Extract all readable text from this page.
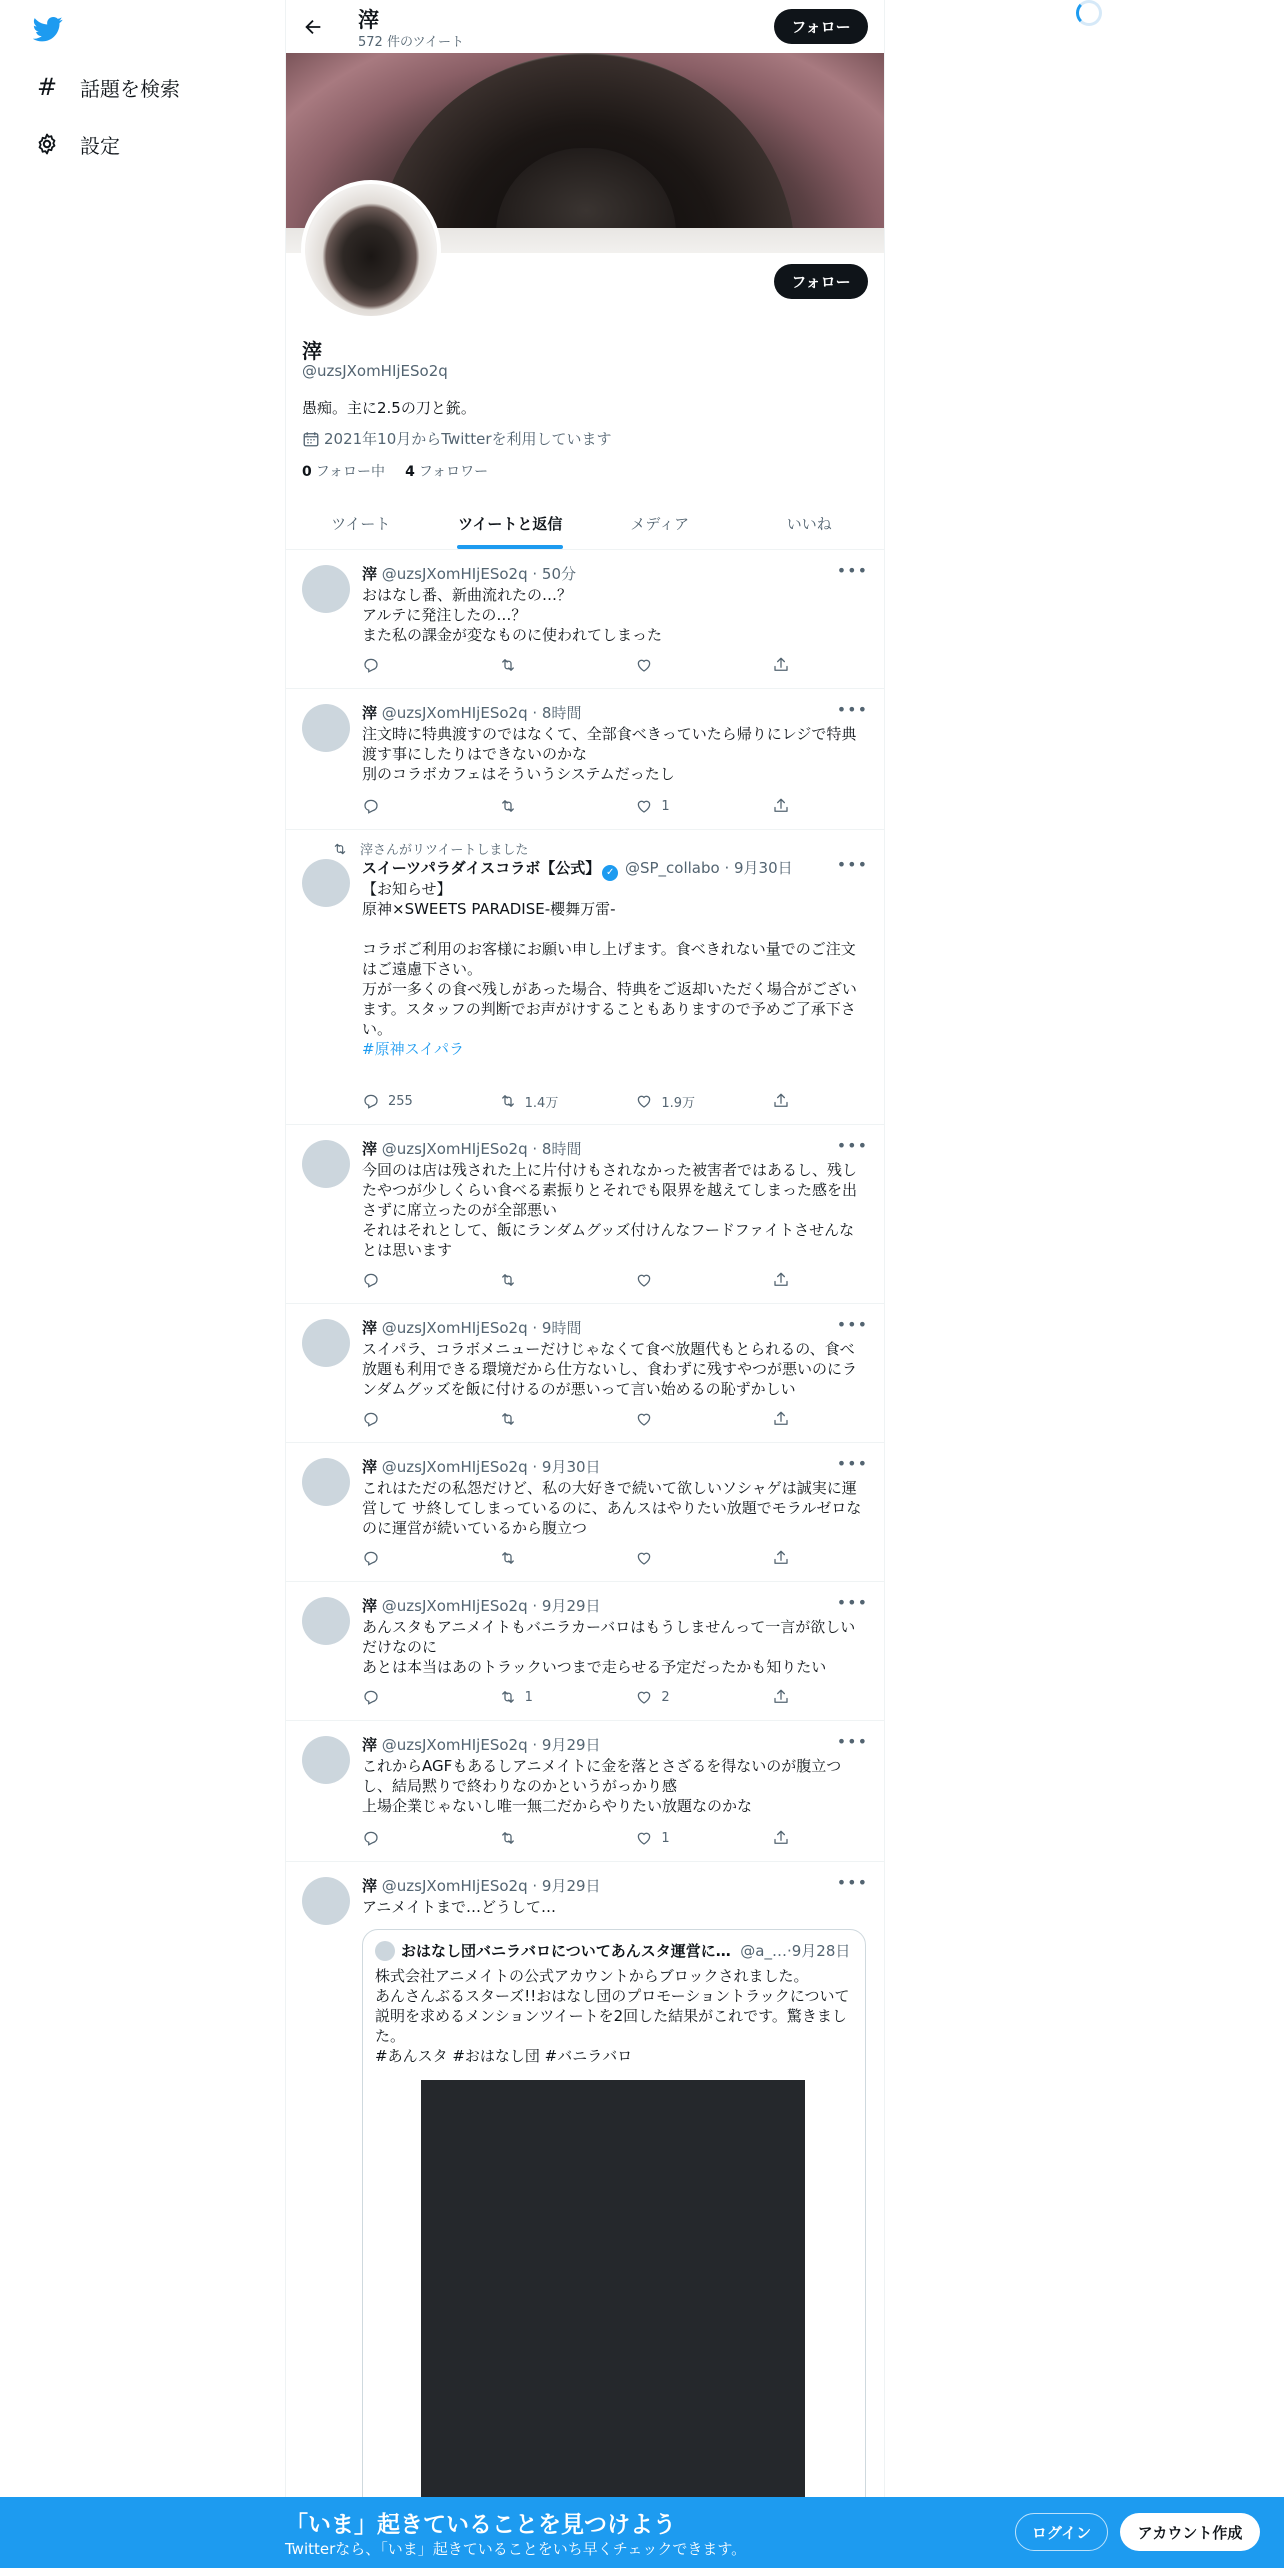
# 話題を検索
設定
滓
572 件のツイート
フォロー
フォロー
滓
@uzsJXomHIjESo2q
愚痴。主に2.5の刀と銃。
2021年10月からTwitterを利用しています
0 フォロー中 4 フォロワー
ツイート	ツイートと返信	メディア	いいね
滓 @uzsJXomHIjESo2q · 50分	•••
おはなし番、新曲流れたの…？
アルテに発注したの…？
また私の課金が変なものに使われてしまった
滓 @uzsJXomHIjESo2q · 8時間	•••
注文時に特典渡すのではなくて、全部食べきっていたら帰りにレジで特典渡す事にしたりはできないのかな
別のコラボカフェはそういうシステムだったし
1
滓さんがリツイートしました
スイーツパラダイスコラボ【公式】 ✓ @SP_collabo · 9月30日	•••
【お知らせ】
原神×SWEETS PARADISE-櫻舞万雷-

コラボご利用のお客様にお願い申し上げます。食べきれない量でのご注文はご遠慮下さい。
万が一多くの食べ残しがあった場合、特典をご返却いただく場合がございます。スタッフの判断でお声がけすることもありますので予めご了承下さい。
#原神スイパラ
255	1.4万	1.9万
滓 @uzsJXomHIjESo2q · 8時間	•••
今回のは店は残された上に片付けもされなかった被害者ではあるし、残したやつが少しくらい食べる素振りとそれでも限界を越えてしまった感を出さずに席立ったのが全部悪い
それはそれとして、飯にランダムグッズ付けんなフードファイトさせんなとは思います
滓 @uzsJXomHIjESo2q · 9時間	•••
スイパラ、コラボメニューだけじゃなくて食べ放題代もとられるの、食べ放題も利用できる環境だから仕方ないし、食わずに残すやつが悪いのにランダムグッズを飯に付けるのが悪いって言い始めるの恥ずかしい
滓 @uzsJXomHIjESo2q · 9月30日	•••
これはただの私怨だけど、私の大好きで続いて欲しいソシャゲは誠実に運営して サ終してしまっているのに、あんスはやりたい放題でモラルゼロなのに運営が続いているから腹立つ
滓 @uzsJXomHIjESo2q · 9月29日	•••
あんスタもアニメイトもバニラカーバロはもうしませんって一言が欲しいだけなのに
あとは本当はあのトラックいつまで走らせる予定だったかも知りたい
1	2
滓 @uzsJXomHIjESo2q · 9月29日	•••
これからAGFもあるしアニメイトに金を落とさざるを得ないのが腹立つし、結局黙りで終わりなのかというがっかり感
上場企業じゃないし唯一無二だからやりたい放題なのかな
1
滓 @uzsJXomHIjESo2q · 9月29日	•••
アニメイトまで…どうして…
おはなし団バニラバロについてあんスタ運営に…
@a_… · 9月28日
株式会社アニメイトの公式アカウントからブロックされました。
あんさんぶるスターズ!!おはなし団のプロモーショントラックについて説明を求めるメンションツイートを2回した結果がこれです。驚きました。
#あんスタ #おはなし団 #バニラバロ
「いま」起きていることを見つけよう
Twitterなら、「いま」起きていることをいち早くチェックできます。
ログイン	アカウント作成
